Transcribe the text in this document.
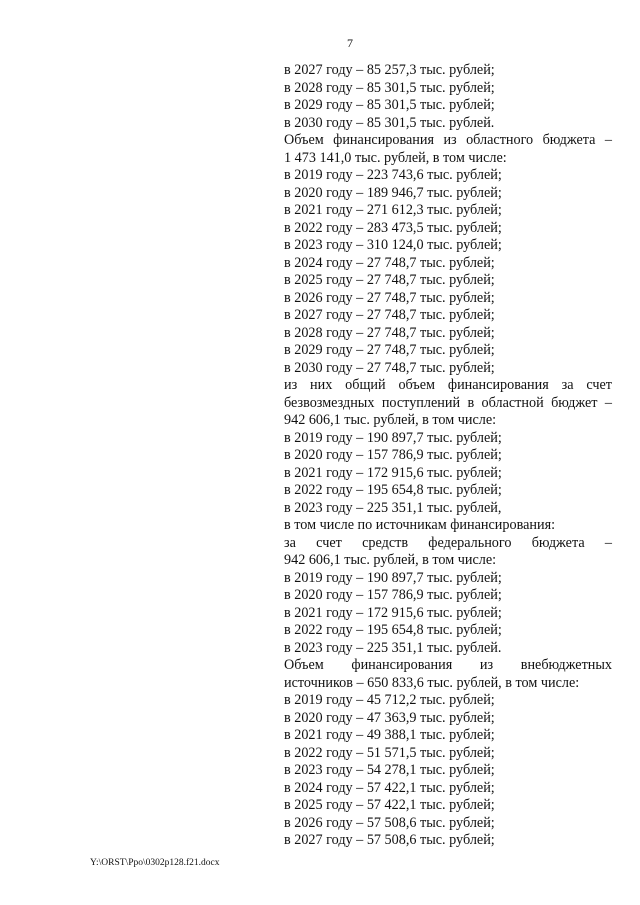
7
в 2027 году – 85 257,3 тыс. рублей;
в 2028 году – 85 301,5 тыс. рублей;
в 2029 году – 85 301,5 тыс. рублей;
в 2030 году – 85 301,5 тыс. рублей.
Объем финансирования из областного бюджета –
1 473 141,0 тыс. рублей, в том числе:
в 2019 году – 223 743,6 тыс. рублей;
в 2020 году – 189 946,7 тыс. рублей;
в 2021 году – 271 612,3 тыс. рублей;
в 2022 году – 283 473,5 тыс. рублей;
в 2023 году – 310 124,0 тыс. рублей;
в 2024 году – 27 748,7 тыс. рублей;
в 2025 году – 27 748,7 тыс. рублей;
в 2026 году – 27 748,7 тыс. рублей;
в 2027 году – 27 748,7 тыс. рублей;
в 2028 году – 27 748,7 тыс. рублей;
в 2029 году – 27 748,7 тыс. рублей;
в 2030 году – 27 748,7 тыс. рублей;
из них общий объем финансирования за счет
безвозмездных поступлений в областной бюджет –
942 606,1 тыс. рублей, в том числе:
в 2019 году – 190 897,7 тыс. рублей;
в 2020 году – 157 786,9 тыс. рублей;
в 2021 году – 172 915,6 тыс. рублей;
в 2022 году – 195 654,8 тыс. рублей;
в 2023 году – 225 351,1 тыс. рублей,
в том числе по источникам финансирования:
за счет средств федерального бюджета –
942 606,1 тыс. рублей, в том числе:
в 2019 году – 190 897,7 тыс. рублей;
в 2020 году – 157 786,9 тыс. рублей;
в 2021 году – 172 915,6 тыс. рублей;
в 2022 году – 195 654,8 тыс. рублей;
в 2023 году – 225 351,1 тыс. рублей.
Объем финансирования из внебюджетных
источников – 650 833,6 тыс. рублей, в том числе:
в 2019 году – 45 712,2 тыс. рублей;
в 2020 году – 47 363,9 тыс. рублей;
в 2021 году – 49 388,1 тыс. рублей;
в 2022 году – 51 571,5 тыс. рублей;
в 2023 году – 54 278,1 тыс. рублей;
в 2024 году – 57 422,1 тыс. рублей;
в 2025 году – 57 422,1 тыс. рублей;
в 2026 году – 57 508,6 тыс. рублей;
в 2027 году – 57 508,6 тыс. рублей;
Y:\ORST\Ppo\0302p128.f21.docx
